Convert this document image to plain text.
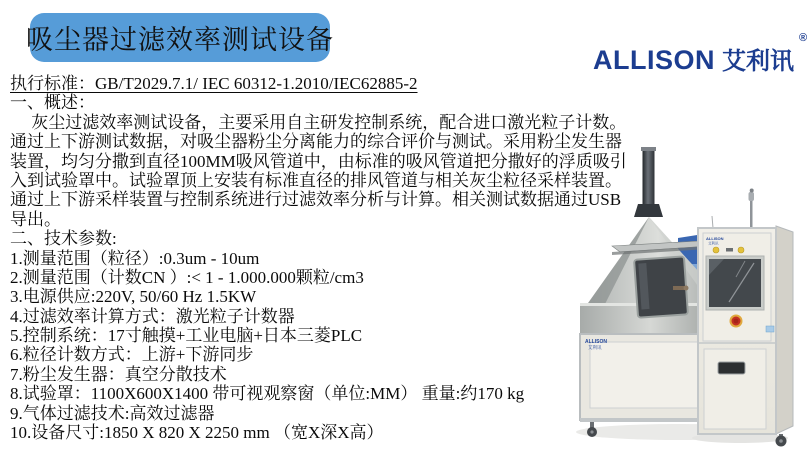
吸尘器过滤效率测试设备
ALLISON 艾利讯
®
执行标准：GB/T2029.7.1/ IEC 60312-1.2010/IEC62885-2
一、概述：
　 灰尘过滤效率测试设备，主要采用自主研发控制系统，配合进口激光粒子计数。
通过上下游测试数据，对吸尘器粉尘分离能力的综合评价与测试。采用粉尘发生器
装置，均匀分撒到直径100MM吸风管道中，由标准的吸风管道把分撒好的浮质吸引
入到试验罩中。试验罩顶上安装有标准直径的排风管道与相关灰尘粒径采样装置。
通过上下游采样装置与控制系统进行过滤效率分析与计算。相关测试数据通过USB
导出。
二、技术参数:
1.测量范围（粒径）:0.3um - 10um
2.测量范围（计数CN ）:< 1 - 1.000.000颗粒/cm3
3.电源供应:220V, 50/60 Hz 1.5KW
4.过滤效率计算方式：激光粒子计数器
5.控制系统：17寸触摸+工业电脑+日本三菱PLC
6.粒径计数方式：上游+下游同步
7.粉尘发生器：真空分散技术
8.试验罩：1100X600X1400 带可视观察窗（单位:MM） 重量:约170 kg
9.气体过滤技术:高效过滤器
10.设备尺寸:1850 X 820 X 2250 mm （宽X深X高）
ALLISON
艾利讯
ALLISON
艾利讯
